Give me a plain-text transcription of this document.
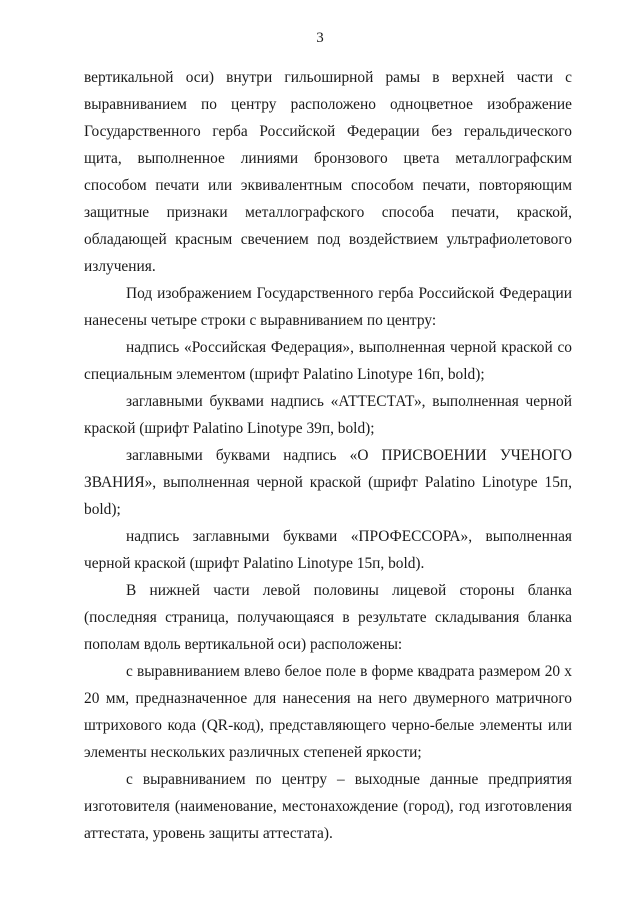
3

вертикальной оси) внутри гильоширной рамы в верхней части с выравниванием по центру расположено одноцветное изображение Государственного герба Российской Федерации без геральдического щита, выполненное линиями бронзового цвета металлографским способом печати или эквивалентным способом печати, повторяющим защитные признаки металлографского способа печати, краской, обладающей красным свечением под воздействием ультрафиолетового излучения.

Под изображением Государственного герба Российской Федерации нанесены четыре строки с выравниванием по центру:

надпись «Российская Федерация», выполненная черной краской со специальным элементом (шрифт Palatino Linotype 16п, bold);

заглавными буквами надпись «АТТЕСТАТ», выполненная черной краской (шрифт Palatino Linotype 39п, bold);

заглавными буквами надпись «О ПРИСВОЕНИИ УЧЕНОГО ЗВАНИЯ», выполненная черной краской (шрифт Palatino Linotype 15п, bold);

надпись заглавными буквами «ПРОФЕССОРА», выполненная черной краской (шрифт Palatino Linotype 15п, bold).

В нижней части левой половины лицевой стороны бланка (последняя страница, получающаяся в результате складывания бланка пополам вдоль вертикальной оси) расположены:

с выравниванием влево белое поле в форме квадрата размером 20 х 20 мм, предназначенное для нанесения на него двумерного матричного штрихового кода (QR-код), представляющего черно-белые элементы или элементы нескольких различных степеней яркости;

с выравниванием по центру – выходные данные предприятия изготовителя (наименование, местонахождение (город), год изготовления аттестата, уровень защиты аттестата).
